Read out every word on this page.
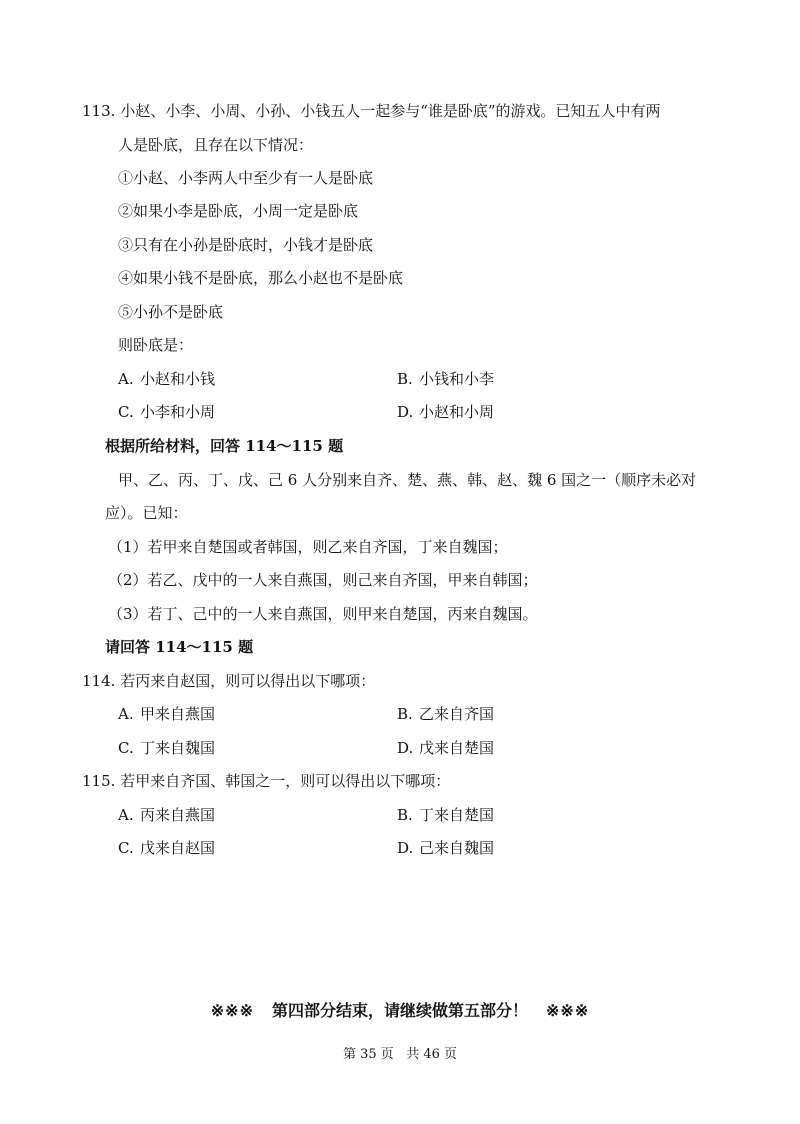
113. 小赵、小李、小周、小孙、小钱五人一起参与“谁是卧底”的游戏。已知五人中有两
人是卧底，且存在以下情况：
①小赵、小李两人中至少有一人是卧底
②如果小李是卧底，小周一定是卧底
③只有在小孙是卧底时，小钱才是卧底
④如果小钱不是卧底，那么小赵也不是卧底
⑤小孙不是卧底
则卧底是：
A. 小赵和小钱	B. 小钱和小李
C. 小李和小周	D. 小赵和小周
根据所给材料，回答 114～115 题
甲、乙、丙、丁、戊、己 6 人分别来自齐、楚、燕、韩、赵、魏 6 国之一（顺序未必对
应）。已知：
（1）若甲来自楚国或者韩国，则乙来自齐国，丁来自魏国；
（2）若乙、戊中的一人来自燕国，则己来自齐国，甲来自韩国；
（3）若丁、己中的一人来自燕国，则甲来自楚国，丙来自魏国。
请回答 114～115 题
114. 若丙来自赵国，则可以得出以下哪项：
A. 甲来自燕国	B. 乙来自齐国
C. 丁来自魏国	D. 戊来自楚国
115. 若甲来自齐国、韩国之一，则可以得出以下哪项：
A. 丙来自燕国	B. 丁来自楚国
C. 戊来自赵国	D. 己来自魏国
※※※ 第四部分结束，请继续做第五部分！ ※※※
第 35 页   共 46 页
